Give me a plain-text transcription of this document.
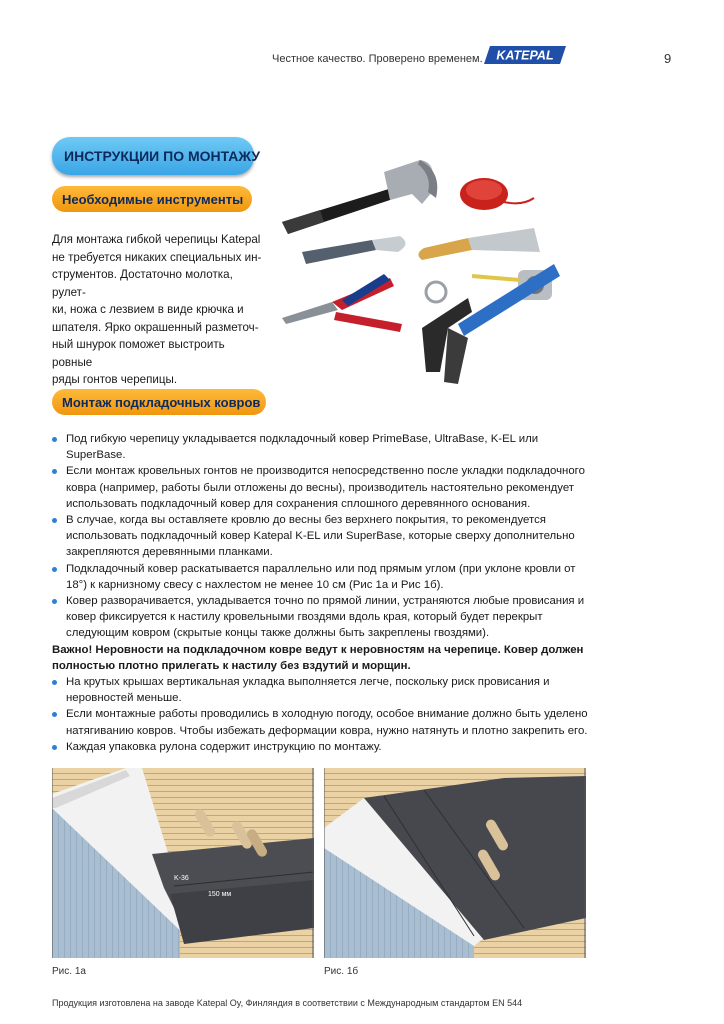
Честное качество. Проверено временем. KATEPAL	9
ИНСТРУКЦИИ ПО МОНТАЖУ
Необходимые инструменты

Для монтажа гибкой черепицы Katepal

не требуется никаких специальных ин-

струментов. Достаточно молотка, рулет-

ки, ножа с лезвием в виде крючка и

шпателя. Ярко окрашенный разметоч-

ный шнурок поможет выстроить ровные

ряды гонтов черепицы.

Монтаж подкладочных ковров
Под гибкую черепицу укладывается подкладочный ковер PrimeBase, UltraBase, K-EL или SuperBase.
Если монтаж кровельных гонтов не производится непосредственно после укладки подкладочного ковра (например, работы были отложены до весны), производитель настоятельно рекомендует использовать подкладочный ковер для сохранения сплошного деревянного основания.
В случае, когда вы оставляете кровлю до весны без верхнего покрытия, то рекомендуется использовать подкладочный ковер Katepal K-EL или SuperBase, которые сверху дополнительно закрепляются деревянными планками.
Подкладочный ковер раскатывается параллельно или под прямым углом (при уклоне кровли от 18°) к карнизному свесу с нахлестом не менее 10 см (Рис 1а и Рис 1б).
Ковер разворачивается, укладывается точно по прямой линии, устраняются любые провисания и ковер фиксируется к настилу кровельными гвоздями вдоль края, который будет перекрыт следующим ковром (скрытые концы также должны быть закреплены гвоздями).
Важно! Неровности на подкладочном ковре ведут к неровностям на черепице. Ковер должен полностью плотно прилегать к настилу без вздутий и морщин.
На крутых крышах вертикальная укладка выполняется легче, поскольку риск провисания и неровностей меньше.
Если монтажные работы проводились в холодную погоду, особое внимание должно быть уделено натягиванию ковров. Чтобы избежать деформации ковра, нужно натянуть и плотно закрепить его.
Каждая упаковка рулона содержит инструкцию по монтажу.
K-36
150 мм
Рис. 1а	Рис. 1б
Продукция изготовлена на заводе Katepal Oy, Финляндия в соответствии с Международным стандартом EN 544
